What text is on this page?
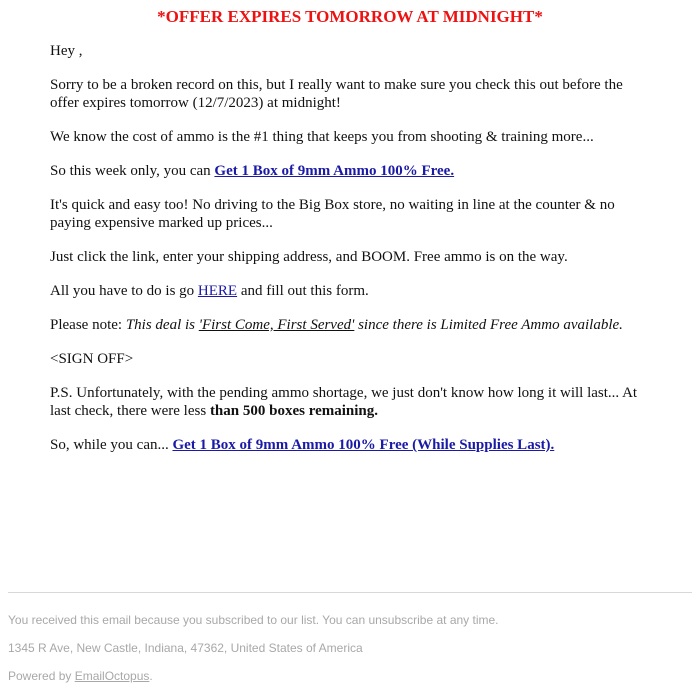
*OFFER EXPIRES TOMORROW AT MIDNIGHT*

Hey ,

Sorry to be a broken record on this, but I really want to make sure you check this out before the offer expires tomorrow (12/7/2023) at midnight!

We know the cost of ammo is the #1 thing that keeps you from shooting & training more...

So this week only, you can Get 1 Box of 9mm Ammo 100% Free.

It's quick and easy too! No driving to the Big Box store, no waiting in line at the counter & no paying expensive marked up prices...

Just click the link, enter your shipping address, and BOOM. Free ammo is on the way.

All you have to do is go HERE and fill out this form.

Please note: This deal is 'First Come, First Served' since there is Limited Free Ammo available.

<SIGN OFF>

P.S. Unfortunately, with the pending ammo shortage, we just don't know how long it will last... At last check, there were less than 500 boxes remaining.

So, while you can... Get 1 Box of 9mm Ammo 100% Free (While Supplies Last).

You received this email because you subscribed to our list. You can unsubscribe at any time.
1345 R Ave, New Castle, Indiana, 47362, United States of America
Powered by EmailOctopus.
